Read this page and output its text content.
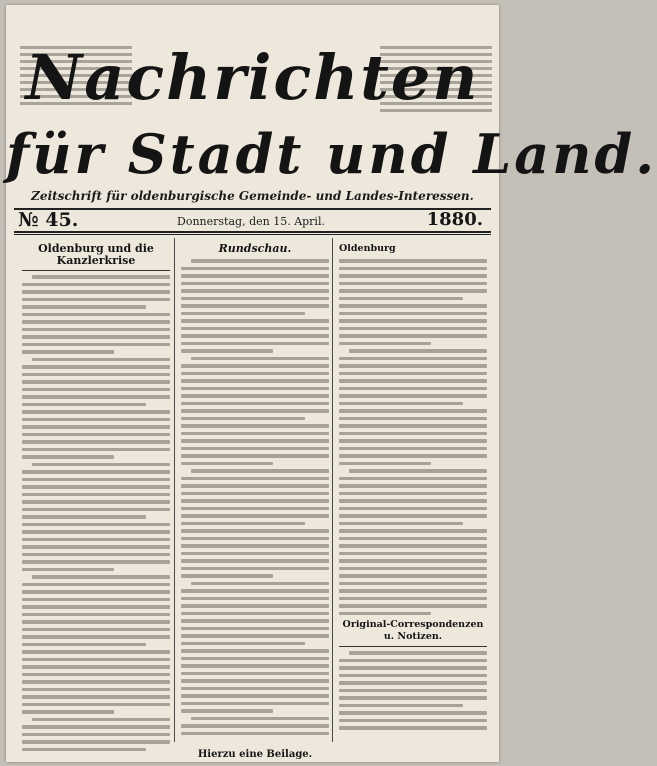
Nachrichten
für Stadt und Land.
Zeitschrift für oldenburgische Gemeinde- und Landes-Interessen.
№ 45.	Donnerstag, den 15. April.	1880.
Oldenburg und die Kanzlerkrise
Rundschau.	Oldenburg
Original-Correspondenzen u. Notizen.
Hierzu eine Beilage.
